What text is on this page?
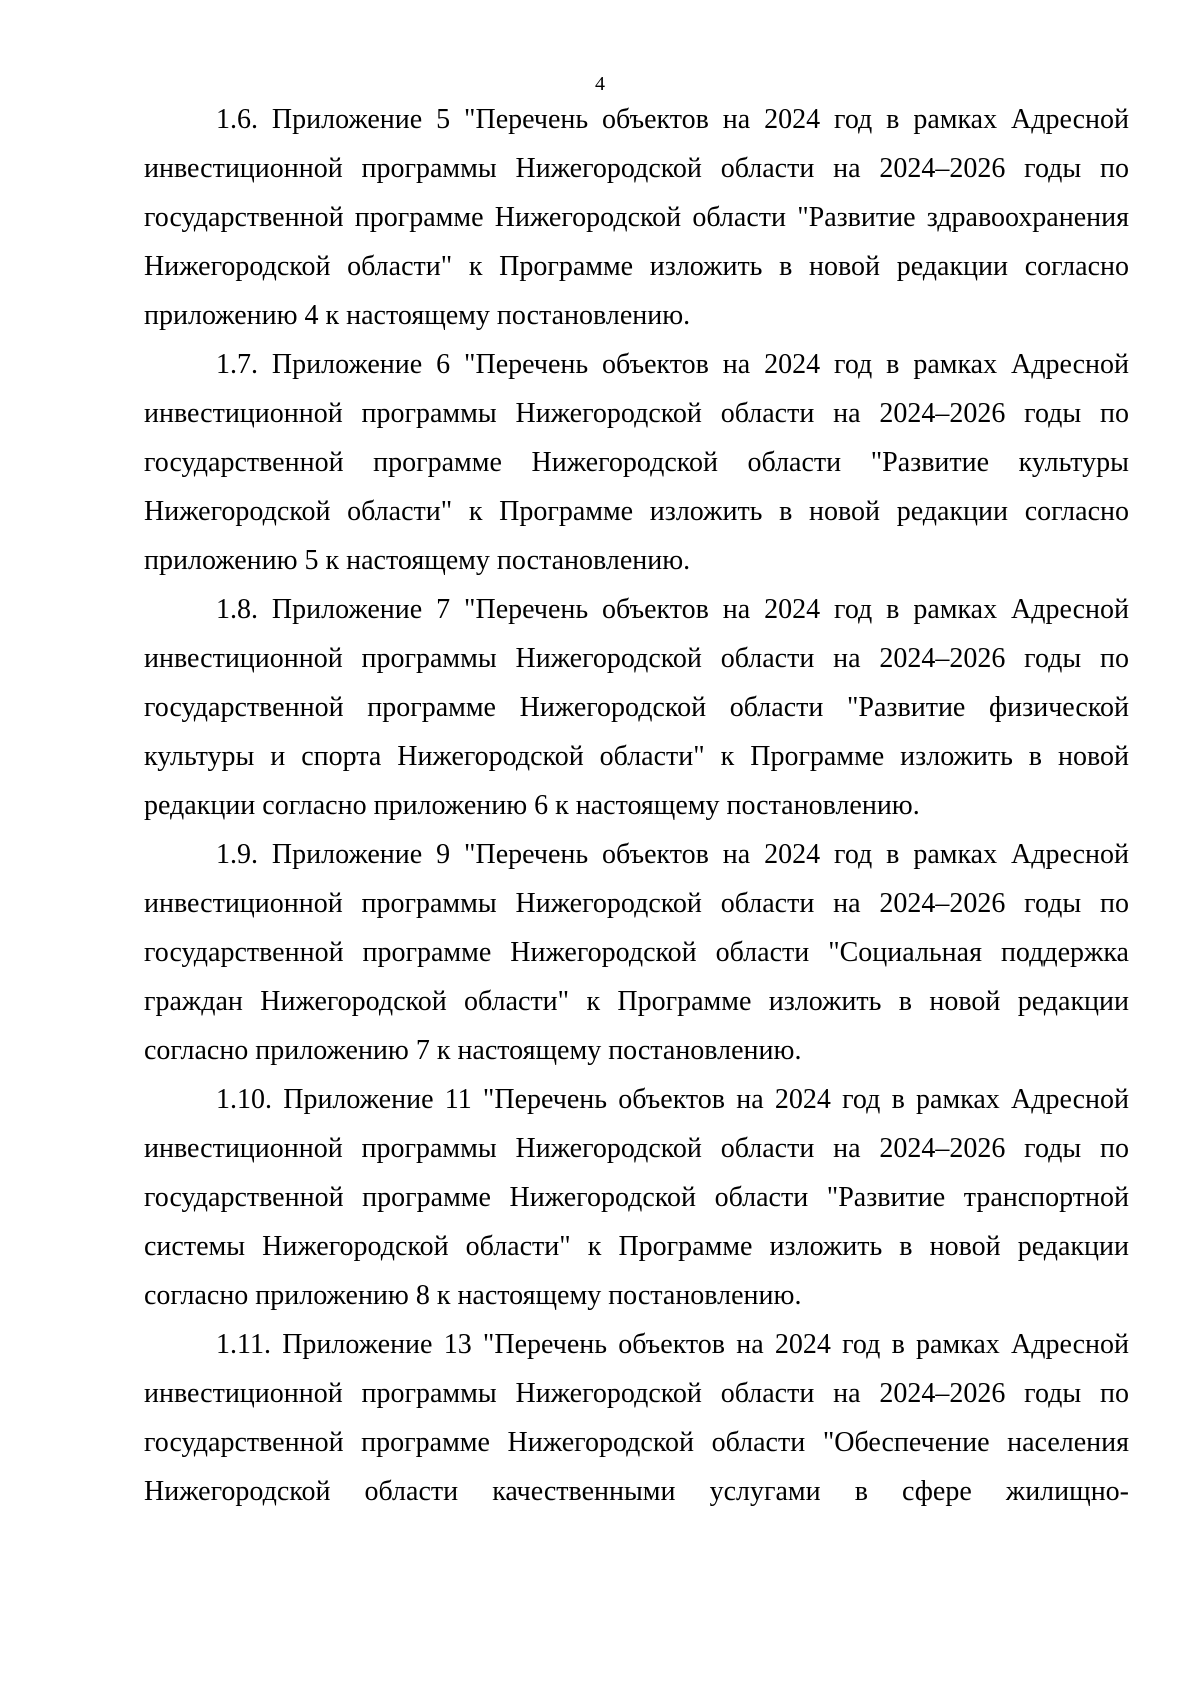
4

1.6. Приложение 5 "Перечень объектов на 2024 год в рамках Адресной инвестиционной программы Нижегородской области на 2024–2026 годы по государственной программе Нижегородской области "Развитие здравоохранения Нижегородской области" к Программе изложить в новой редакции согласно приложению 4 к настоящему постановлению.

1.7. Приложение 6 "Перечень объектов на 2024 год в рамках Адресной инвестиционной программы Нижегородской области на 2024–2026 годы по государственной программе Нижегородской области "Развитие культуры Нижегородской области" к Программе изложить в новой редакции согласно приложению 5 к настоящему постановлению.

1.8. Приложение 7 "Перечень объектов на 2024 год в рамках Адресной инвестиционной программы Нижегородской области на 2024–2026 годы по государственной программе Нижегородской области "Развитие физической культуры и спорта Нижегородской области" к Программе изложить в новой редакции согласно приложению 6 к настоящему постановлению.

1.9. Приложение 9 "Перечень объектов на 2024 год в рамках Адресной инвестиционной программы Нижегородской области на 2024–2026 годы по государственной программе Нижегородской области "Социальная поддержка граждан Нижегородской области" к Программе изложить в новой редакции согласно приложению 7 к настоящему постановлению.

1.10. Приложение 11 "Перечень объектов на 2024 год в рамках Адресной инвестиционной программы Нижегородской области на 2024–2026 годы по государственной программе Нижегородской области "Развитие транспортной системы Нижегородской области" к Программе изложить в новой редакции согласно приложению 8 к настоящему постановлению.

1.11. Приложение 13 "Перечень объектов на 2024 год в рамках Адресной инвестиционной программы Нижегородской области на 2024–2026 годы по государственной программе Нижегородской области "Обеспечение населения Нижегородской области качественными услугами в сфере жилищно-
